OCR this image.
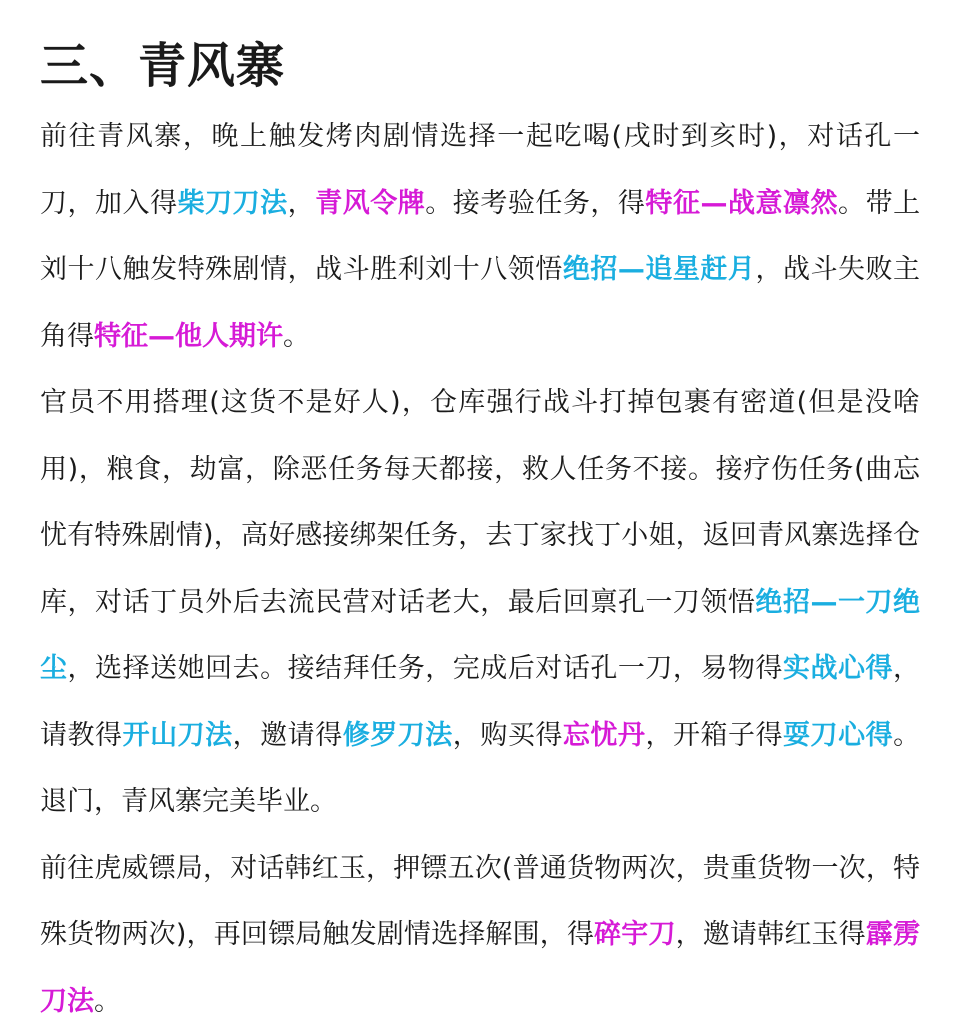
三、青风寨

前往青风寨，晚上触发烤肉剧情选择一起吃喝(戌时到亥时)，对话孔一刀，加入得柴刀刀法，青风令牌。接考验任务，得特征—战意凛然。带上刘十八触发特殊剧情，战斗胜利刘十八领悟绝招—追星赶月，战斗失败主角得特征—他人期许。

官员不用搭理(这货不是好人)，仓库强行战斗打掉包裹有密道(但是没啥用)，粮食，劫富，除恶任务每天都接，救人任务不接。接疗伤任务(曲忘忧有特殊剧情)，高好感接绑架任务，去丁家找丁小姐，返回青风寨选择仓库，对话丁员外后去流民营对话老大，最后回禀孔一刀领悟绝招—一刀绝尘，选择送她回去。接结拜任务，完成后对话孔一刀，易物得实战心得，请教得开山刀法，邀请得修罗刀法，购买得忘忧丹，开箱子得耍刀心得。退门，青风寨完美毕业。

前往虎威镖局，对话韩红玉，押镖五次(普通货物两次，贵重货物一次，特殊货物两次)，再回镖局触发剧情选择解围，得碎宇刀，邀请韩红玉得霹雳刀法。
